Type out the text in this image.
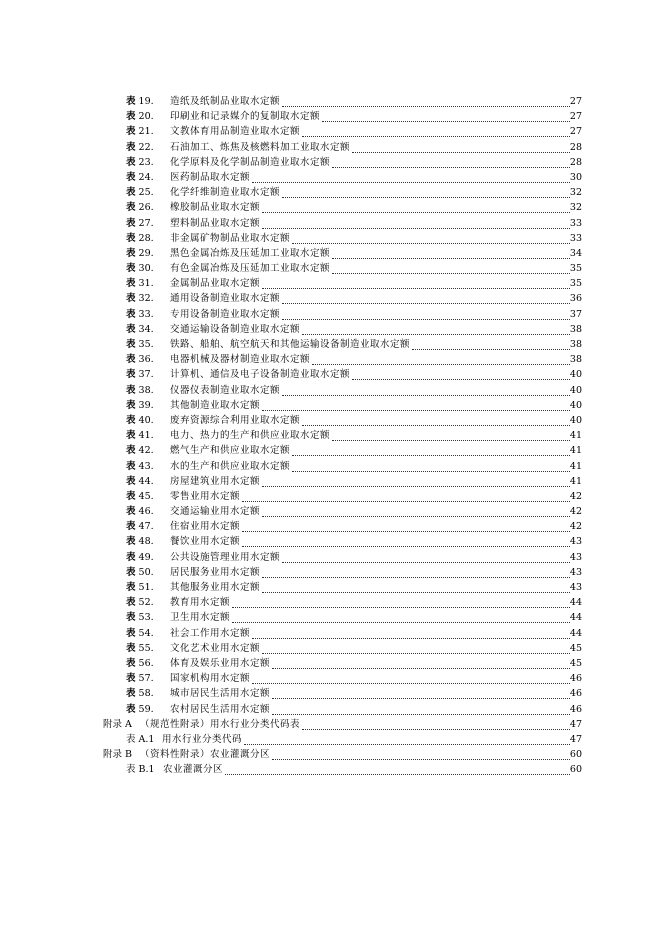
表 19. 造纸及纸制品业取水定额	27
表 20. 印刷业和记录媒介的复制取水定额	27
表 21. 文教体育用品制造业取水定额	27
表 22. 石油加工、炼焦及核燃料加工业取水定额	28
表 23. 化学原料及化学制品制造业取水定额	28
表 24. 医药制品取水定额	30
表 25. 化学纤维制造业取水定额	32
表 26. 橡胶制品业取水定额	32
表 27. 塑料制品业取水定额	33
表 28. 非金属矿物制品业取水定额	33
表 29. 黑色金属冶炼及压延加工业取水定额	34
表 30. 有色金属冶炼及压延加工业取水定额	35
表 31. 金属制品业取水定额	35
表 32. 通用设备制造业取水定额	36
表 33. 专用设备制造业取水定额	37
表 34. 交通运输设备制造业取水定额	38
表 35. 铁路、船舶、航空航天和其他运输设备制造业取水定额	38
表 36. 电器机械及器材制造业取水定额	38
表 37. 计算机、通信及电子设备制造业取水定额	40
表 38. 仪器仪表制造业取水定额	40
表 39. 其他制造业取水定额	40
表 40. 废弃资源综合利用业取水定额	40
表 41. 电力、热力的生产和供应业取水定额	41
表 42. 燃气生产和供应业取水定额	41
表 43. 水的生产和供应业取水定额	41
表 44. 房屋建筑业用水定额	41
表 45. 零售业用水定额	42
表 46. 交通运输业用水定额	42
表 47. 住宿业用水定额	42
表 48. 餐饮业用水定额	43
表 49. 公共设施管理业用水定额	43
表 50. 居民服务业用水定额	43
表 51. 其他服务业用水定额	43
表 52. 教育用水定额	44
表 53. 卫生用水定额	44
表 54. 社会工作用水定额	44
表 55. 文化艺术业用水定额	45
表 56. 体育及娱乐业用水定额	45
表 57. 国家机构用水定额	46
表 58. 城市居民生活用水定额	46
表 59. 农村居民生活用水定额	46
附录 A （规范性附录）用水行业分类代码表	47
表 A.1 用水行业分类代码	47
附录 B （资料性附录）农业灌溉分区	60
表 B.1 农业灌溉分区	60
